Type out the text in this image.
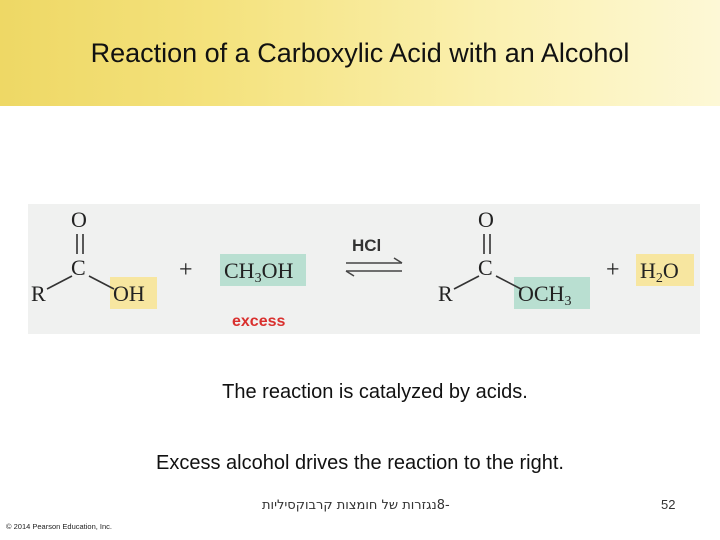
Reaction of a Carboxylic Acid with an Alcohol
O
C
R	OH
+ $CH_3OH$
HCl
excess
O
C
R	$OCH_3$
+ $H_2O$
The reaction is catalyzed by acids.
Excess alcohol drives the reaction to the right.
-8נגזרות של חומצות קרבוקסיליות	52
© 2014 Pearson Education, Inc.
